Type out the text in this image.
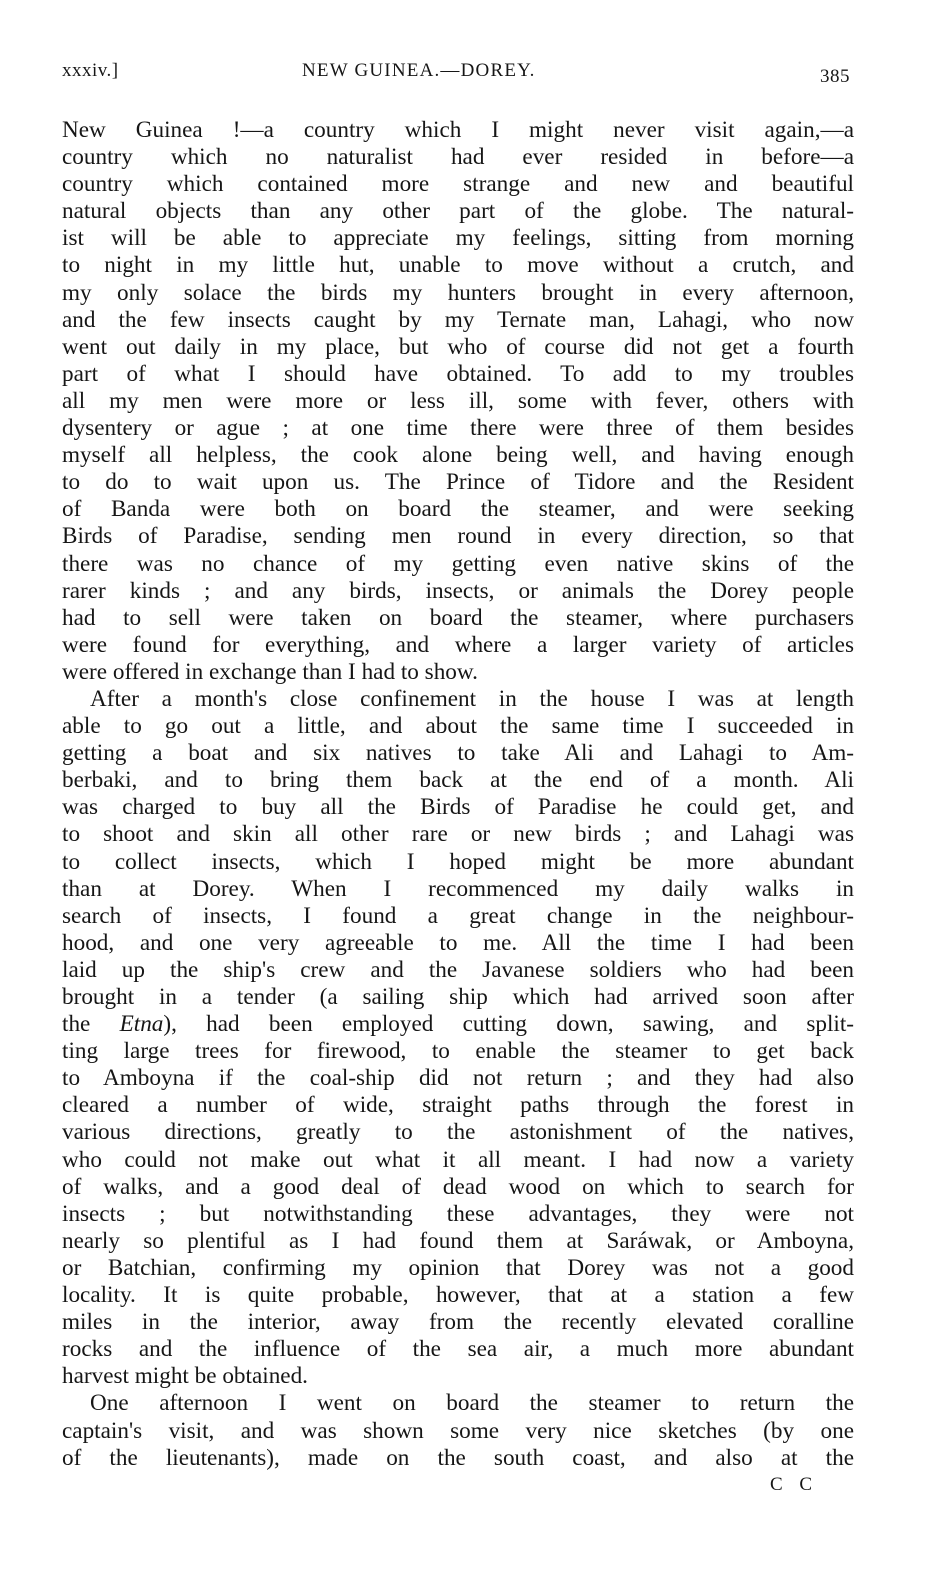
xxxiv.]	NEW GUINEA.—DOREY.	385
New Guinea !—a country which I might never visit again,—a
country which no naturalist had ever resided in before—a
country which contained more strange and new and beautiful
natural objects than any other part of the globe. The natural-
ist will be able to appreciate my feelings, sitting from morning
to night in my little hut, unable to move without a crutch, and
my only solace the birds my hunters brought in every afternoon,
and the few insects caught by my Ternate man, Lahagi, who now
went out daily in my place, but who of course did not get a fourth
part of what I should have obtained. To add to my troubles
all my men were more or less ill, some with fever, others with
dysentery or ague ; at one time there were three of them besides
myself all helpless, the cook alone being well, and having enough
to do to wait upon us. The Prince of Tidore and the Resident
of Banda were both on board the steamer, and were seeking
Birds of Paradise, sending men round in every direction, so that
there was no chance of my getting even native skins of the
rarer kinds ; and any birds, insects, or animals the Dorey people
had to sell were taken on board the steamer, where purchasers
were found for everything, and where a larger variety of articles
were offered in exchange than I had to show.
After a month's close confinement in the house I was at length
able to go out a little, and about the same time I succeeded in
getting a boat and six natives to take Ali and Lahagi to Am-
berbaki, and to bring them back at the end of a month. Ali
was charged to buy all the Birds of Paradise he could get, and
to shoot and skin all other rare or new birds ; and Lahagi was
to collect insects, which I hoped might be more abundant
than at Dorey. When I recommenced my daily walks in
search of insects, I found a great change in the neighbour-
hood, and one very agreeable to me. All the time I had been
laid up the ship's crew and the Javanese soldiers who had been
brought in a tender (a sailing ship which had arrived soon after
the Etna), had been employed cutting down, sawing, and split-
ting large trees for firewood, to enable the steamer to get back
to Amboyna if the coal-ship did not return ; and they had also
cleared a number of wide, straight paths through the forest in
various directions, greatly to the astonishment of the natives,
who could not make out what it all meant. I had now a variety
of walks, and a good deal of dead wood on which to search for
insects ; but notwithstanding these advantages, they were not
nearly so plentiful as I had found them at Saráwak, or Amboyna,
or Batchian, confirming my opinion that Dorey was not a good
locality. It is quite probable, however, that at a station a few
miles in the interior, away from the recently elevated coralline
rocks and the influence of the sea air, a much more abundant
harvest might be obtained.
One afternoon I went on board the steamer to return the
captain's visit, and was shown some very nice sketches (by one
of the lieutenants), made on the south coast, and also at the
C C
